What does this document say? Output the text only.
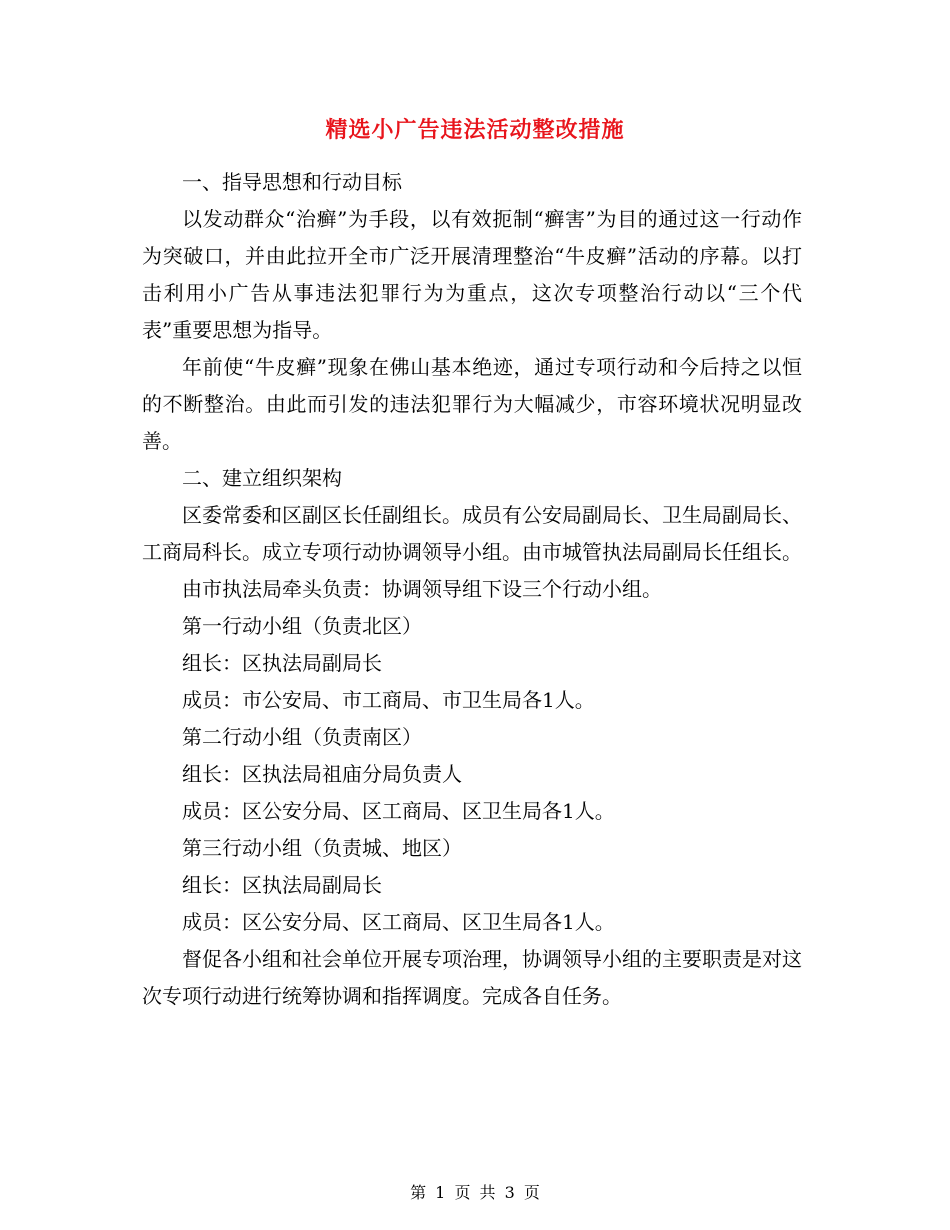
精选小广告违法活动整改措施

一、指导思想和行动目标

以发动群众“治癣”为手段，以有效扼制“癣害”为目的通过这一行动作为突破口，并由此拉开全市广泛开展清理整治“牛皮癣”活动的序幕。以打击利用小广告从事违法犯罪行为为重点，这次专项整治行动以“三个代表”重要思想为指导。

年前使“牛皮癣”现象在佛山基本绝迹，通过专项行动和今后持之以恒的不断整治。由此而引发的违法犯罪行为大幅减少，市容环境状况明显改善。

二、建立组织架构

区委常委和区副区长任副组长。成员有公安局副局长、卫生局副局长、工商局科长。成立专项行动协调领导小组。由市城管执法局副局长任组长。

由市执法局牵头负责：协调领导组下设三个行动小组。

第一行动小组（负责北区）

组长：区执法局副局长

成员：市公安局、市工商局、市卫生局各1人。

第二行动小组（负责南区）

组长：区执法局祖庙分局负责人

成员：区公安分局、区工商局、区卫生局各1人。

第三行动小组（负责城、地区）

组长：区执法局副局长

成员：区公安分局、区工商局、区卫生局各1人。

督促各小组和社会单位开展专项治理，协调领导小组的主要职责是对这次专项行动进行统筹协调和指挥调度。完成各自任务。

第 1 页 共 3 页
